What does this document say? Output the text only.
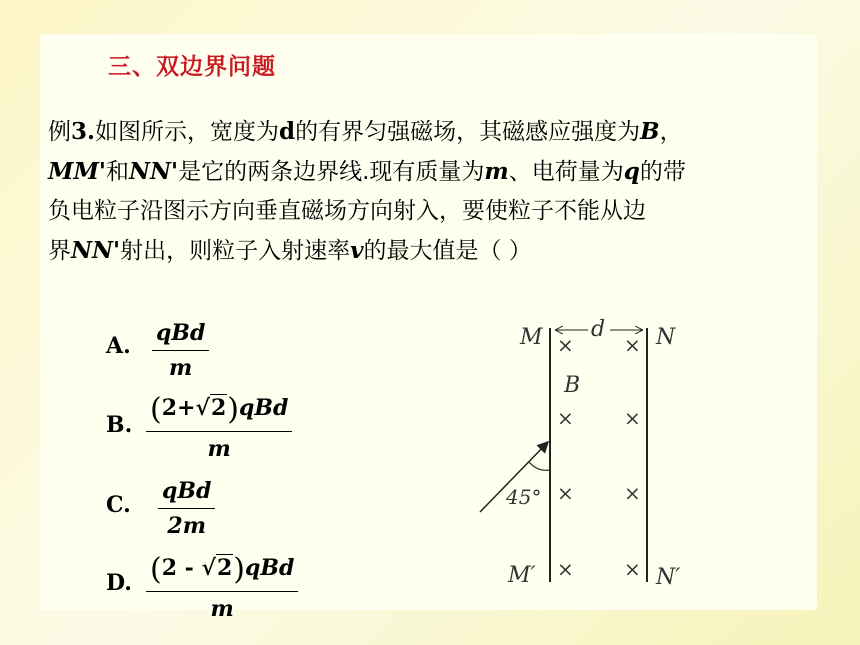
三、双边界问题
例3.如图所示，宽度为d的有界匀强磁场，其磁感应强度为B，
MM'和NN'是它的两条边界线.现有质量为m、电荷量为q的带
负电粒子沿图示方向垂直磁场方向射入，要使粒子不能从边
界NN'射出，则粒子入射速率v的最大值是（ ）
A. qBd
m
B. (2+√2)qBd
m
C.
qBd
2m
D. (2 - √2)qBd
m
d
M	N
M′	N′
B
×	×
×	×
×	×
×	×
45°
